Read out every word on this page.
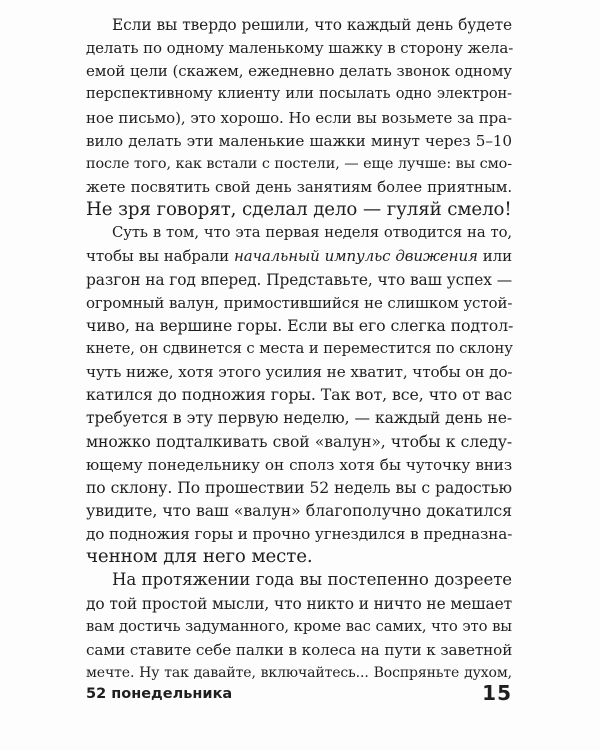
Если вы твердо решили, что каждый день будете
делать по одному маленькому шажку в сторону жела-
емой цели (скажем, ежедневно делать звонок одному
перспективному клиенту или посылать одно электрон-
ное письмо), это хорошо. Но если вы возьмете за пра-
вило делать эти маленькие шажки минут через 5–10
после того, как встали с постели, — еще лучше: вы смо-
жете посвятить свой день занятиям более приятным.
Не зря говорят, сделал дело — гуляй смело!
Суть в том, что эта первая неделя отводится на то,
чтобы вы набрали начальный импульс движения или
разгон на год вперед. Представьте, что ваш успех —
огромный валун, примостившийся не слишком устой-
чиво, на вершине горы. Если вы его слегка подтол-
кнете, он сдвинется с места и переместится по склону
чуть ниже, хотя этого усилия не хватит, чтобы он до-
катился до подножия горы. Так вот, все, что от вас
требуется в эту первую неделю, — каждый день не-
множко подталкивать свой «валун», чтобы к следу-
ющему понедельнику он сполз хотя бы чуточку вниз
по склону. По прошествии 52 недель вы с радостью
увидите, что ваш «валун» благополучно докатился
до подножия горы и прочно угнездился в предназна-
ченном для него месте.
На протяжении года вы постепенно дозреете
до той простой мысли, что никто и ничто не мешает
вам достичь задуманного, кроме вас самих, что это вы
сами ставите себе палки в колеса на пути к заветной
мечте. Ну так давайте, включайтесь... Воспряньте духом,
52 понедельника	15
